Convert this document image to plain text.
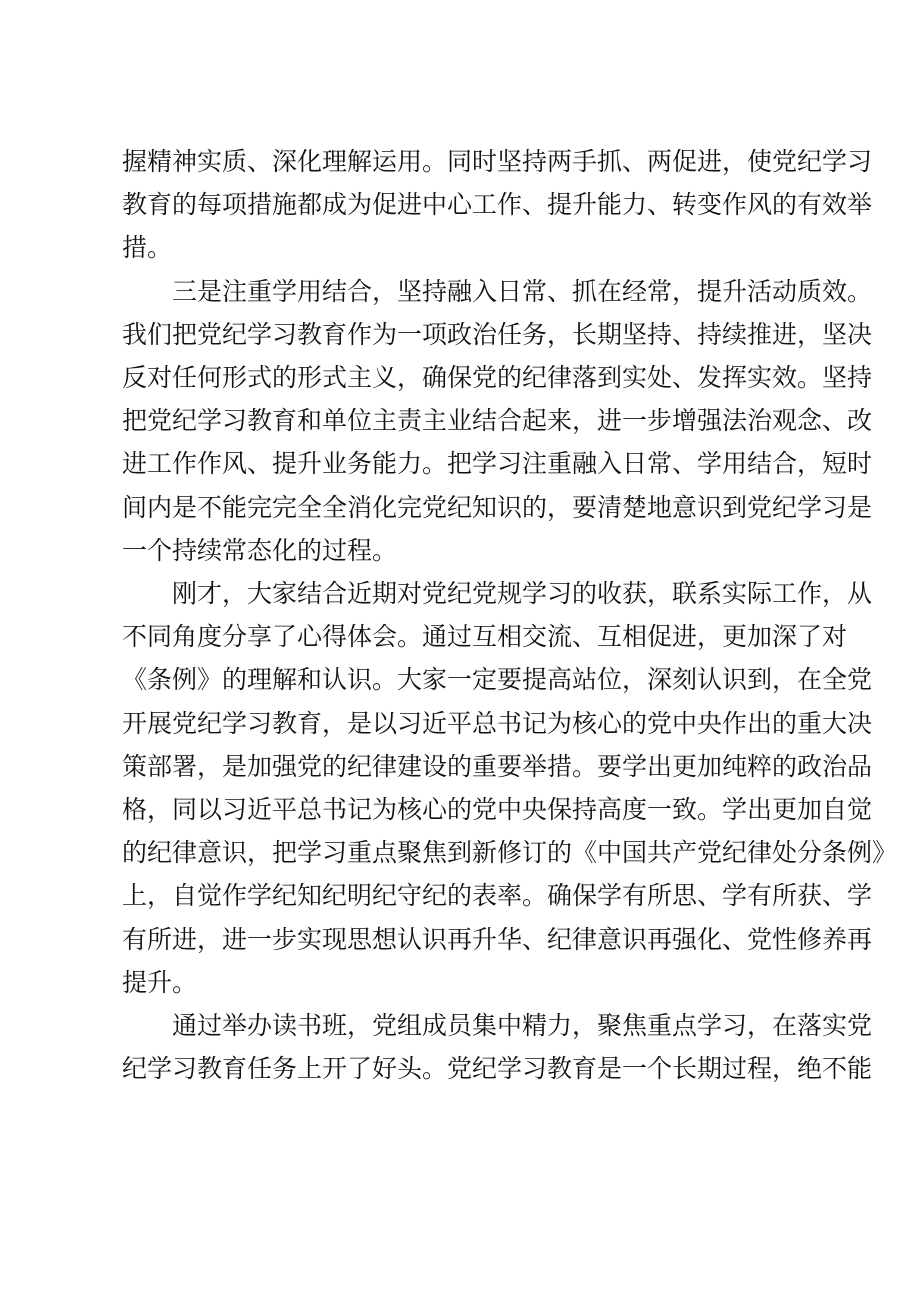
握精神实质、深化理解运用。同时坚持两手抓、两促进，使党纪学习

教育的每项措施都成为促进中心工作、提升能力、转变作风的有效举

措。

　　三是注重学用结合，坚持融入日常、抓在经常，提升活动质效。

我们把党纪学习教育作为一项政治任务，长期坚持、持续推进，坚决

反对任何形式的形式主义，确保党的纪律落到实处、发挥实效。坚持

把党纪学习教育和单位主责主业结合起来，进一步增强法治观念、改

进工作作风、提升业务能力。把学习注重融入日常、学用结合，短时

间内是不能完完全全消化完党纪知识的，要清楚地意识到党纪学习是

一个持续常态化的过程。

　　刚才，大家结合近期对党纪党规学习的收获，联系实际工作，从

不同角度分享了心得体会。通过互相交流、互相促进，更加深了对

《条例》的理解和认识。大家一定要提高站位，深刻认识到，在全党

开展党纪学习教育，是以习近平总书记为核心的党中央作出的重大决

策部署，是加强党的纪律建设的重要举措。要学出更加纯粹的政治品

格，同以习近平总书记为核心的党中央保持高度一致。学出更加自觉

的纪律意识，把学习重点聚焦到新修订的《中国共产党纪律处分条例》

上，自觉作学纪知纪明纪守纪的表率。确保学有所思、学有所获、学

有所进，进一步实现思想认识再升华、纪律意识再强化、党性修养再

提升。

　　通过举办读书班，党组成员集中精力，聚焦重点学习，在落实党

纪学习教育任务上开了好头。党纪学习教育是一个长期过程，绝不能
